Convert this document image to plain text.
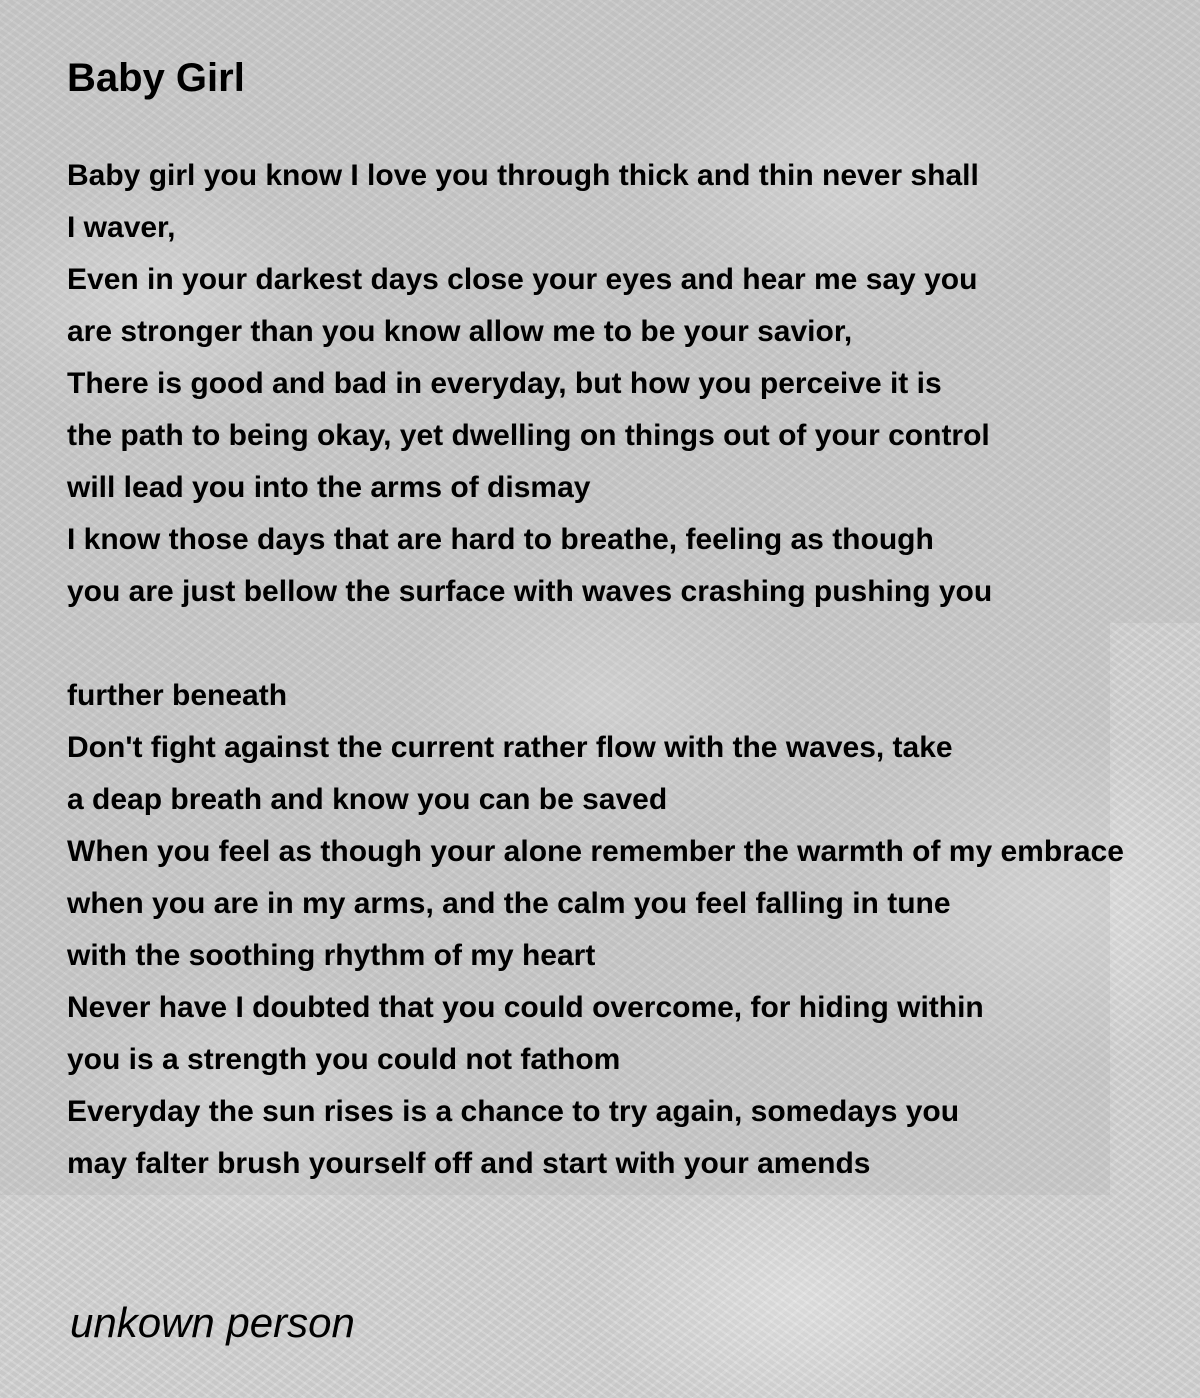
Baby Girl
Baby girl you know I love you through thick and thin never shall
I waver,
Even in your darkest days close your eyes and hear me say you
are stronger than you know allow me to be your savior,
There is good and bad in everyday, but how you perceive it is
the path to being okay, yet dwelling on things out of your control
will lead you into the arms of dismay
I know those days that are hard to breathe, feeling as though
you are just bellow the surface with waves crashing pushing you
further beneath
Don't fight against the current rather flow with the waves, take
a deap breath and know you can be saved
When you feel as though your alone remember the warmth of my embrace
when you are in my arms, and the calm you feel falling in tune
with the soothing rhythm of my heart
Never have I doubted that you could overcome, for hiding within
you is a strength you could not fathom
Everyday the sun rises is a chance to try again, somedays you
may falter brush yourself off and start with your amends

unkown person
